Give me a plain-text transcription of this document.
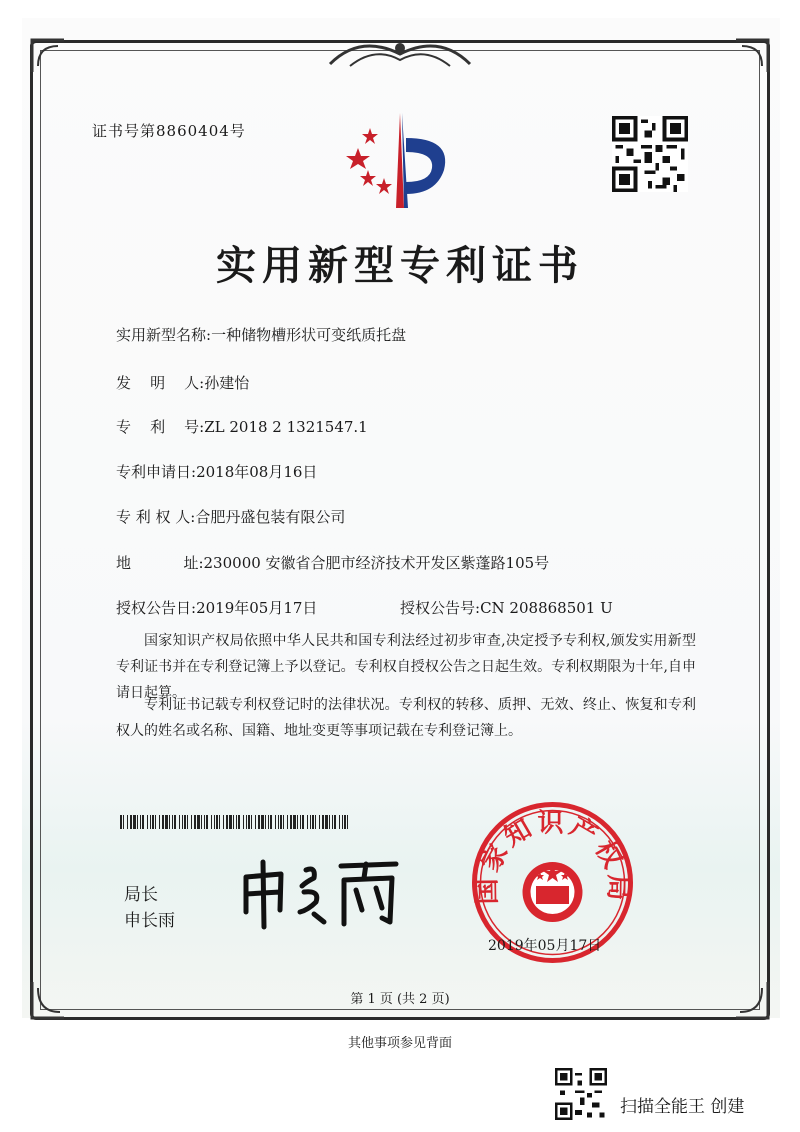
证书号第8860404号
实用新型专利证书
实用新型名称:一种储物槽形状可变纸质托盘
发    明    人:孙建怡
专    利    号:ZL 2018 2 1321547.1
专利申请日:2018年08月16日
专 利 权 人:合肥丹盛包装有限公司
地           址:230000 安徽省合肥市经济技术开发区紫蓬路105号
授权公告日:2019年05月17日	授权公告号:CN 208868501 U
国家知识产权局依照中华人民共和国专利法经过初步审查,决定授予专利权,颁发实用新型专利证书并在专利登记簿上予以登记。专利权自授权公告之日起生效。专利权期限为十年,自申请日起算。
专利证书记载专利权登记时的法律状况。专利权的转移、质押、无效、终止、恢复和专利权人的姓名或名称、国籍、地址变更等事项记载在专利登记簿上。
局长
申长雨
国家知识产权局
2019年05月17日
第 1 页 (共 2 页)
其他事项参见背面
扫描全能王 创建
